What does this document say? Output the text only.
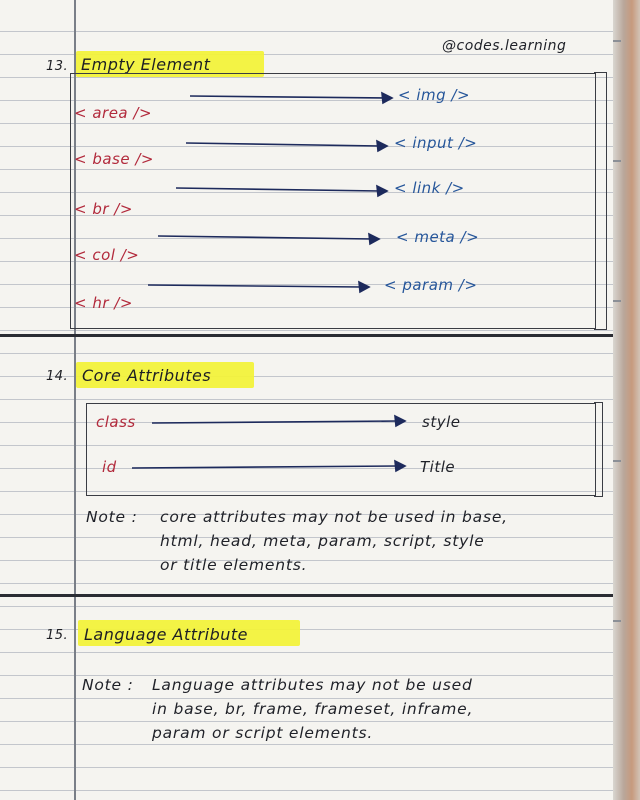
@codes.learning
13. Empty Element
< area />
< base />
< br />
< col />
< hr />
< img />
< input />
< link />
< meta />
< param />
14. Core Attributes
class	style
id	Title
Note : core attributes may not be used in base,
html, head, meta, param, script, style
or title elements.
15. Language Attribute
Note : Language attributes may not be used
in base, br, frame, frameset, inframe,
param or script elements.
